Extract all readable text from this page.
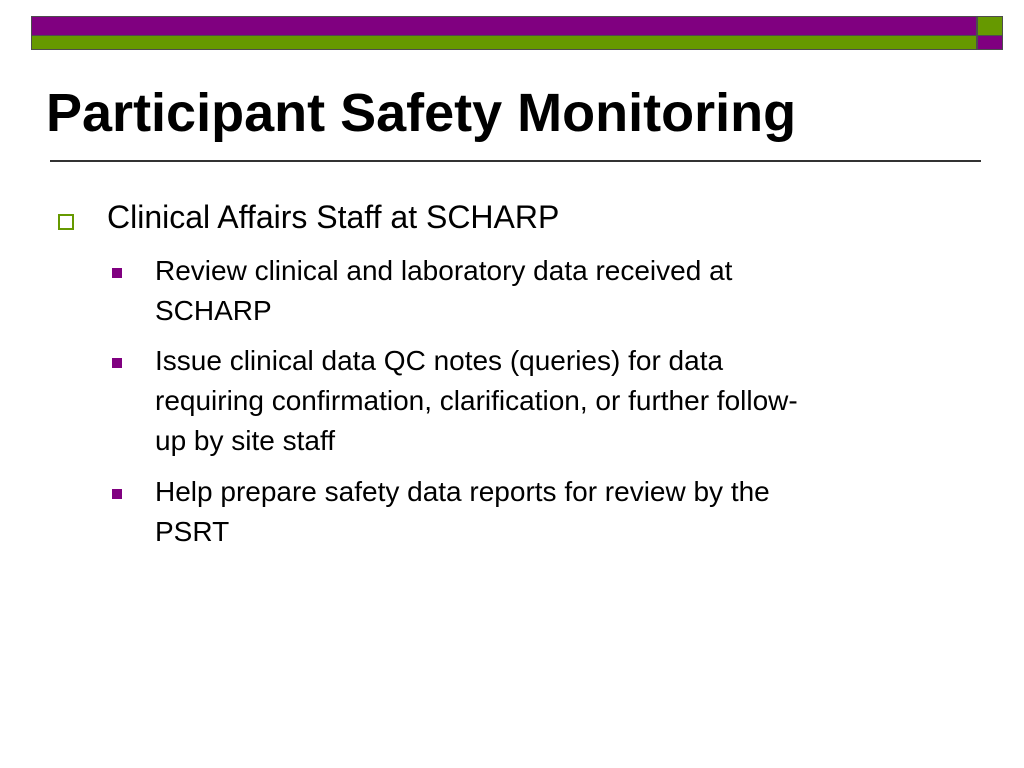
Participant Safety Monitoring
Clinical Affairs Staff at SCHARP
Review clinical and laboratory data received at
SCHARP
Issue clinical data QC notes (queries) for data
requiring confirmation, clarification, or further follow-
up by site staff
Help prepare safety data reports for review by the
PSRT
